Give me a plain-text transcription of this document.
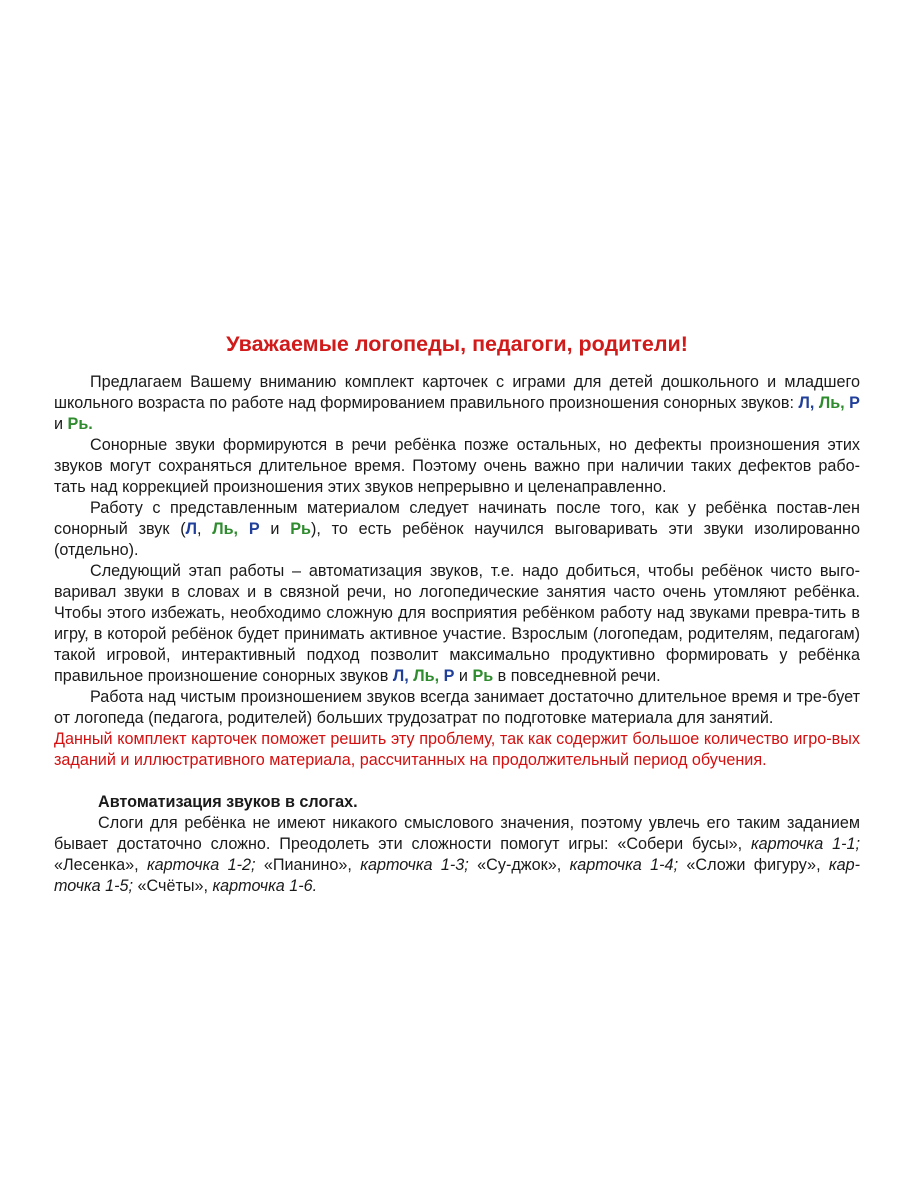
Уважаемые логопеды, педагоги, родители!

Предлагаем Вашему вниманию комплект карточек с играми для детей дошкольного и младшего школьного возраста по работе над формированием правильного произношения сонорных звуков: Л, Ль, Р и Рь.

Сонорные звуки формируются в речи ребёнка позже остальных, но дефекты произношения этих звуков могут сохраняться длительное время. Поэтому очень важно при наличии таких дефектов рабо-тать над коррекцией произношения этих звуков непрерывно и целенаправленно.

Работу с представленным материалом следует начинать после того, как у ребёнка постав-лен сонорный звук (Л, Ль, Р и Рь), то есть ребёнок научился выговаривать эти звуки изолированно (отдельно).

Следующий этап работы – автоматизация звуков, т.е. надо добиться, чтобы ребёнок чисто выго-варивал звуки в словах и в связной речи, но логопедические занятия часто очень утомляют ребёнка. Чтобы этого избежать, необходимо сложную для восприятия ребёнком работу над звуками превра-тить в игру, в которой ребёнок будет принимать активное участие. Взрослым (логопедам, родителям, педагогам) такой игровой, интерактивный подход позволит максимально продуктивно формировать у ребёнка правильное произношение сонорных звуков Л, Ль, Р и Рь в повседневной речи.

Работа над чистым произношением звуков всегда занимает достаточно длительное время и тре-бует от логопеда (педагога, родителей) больших трудозатрат по подготовке материала для занятий.

Данный комплект карточек поможет решить эту проблему, так как содержит большое количество игро-вых заданий и иллюстративного материала, рассчитанных на продолжительный период обучения.

Автоматизация звуков в слогах.

Слоги для ребёнка не имеют никакого смыслового значения, поэтому увлечь его таким заданием бывает достаточно сложно. Преодолеть эти сложности помогут игры: «Собери бусы», карточка 1-1; «Лесенка», карточка 1-2; «Пианино», карточка 1-3; «Су-джок», карточка 1-4; «Сложи фигуру», кар-точка 1-5; «Счёты», карточка 1-6.
